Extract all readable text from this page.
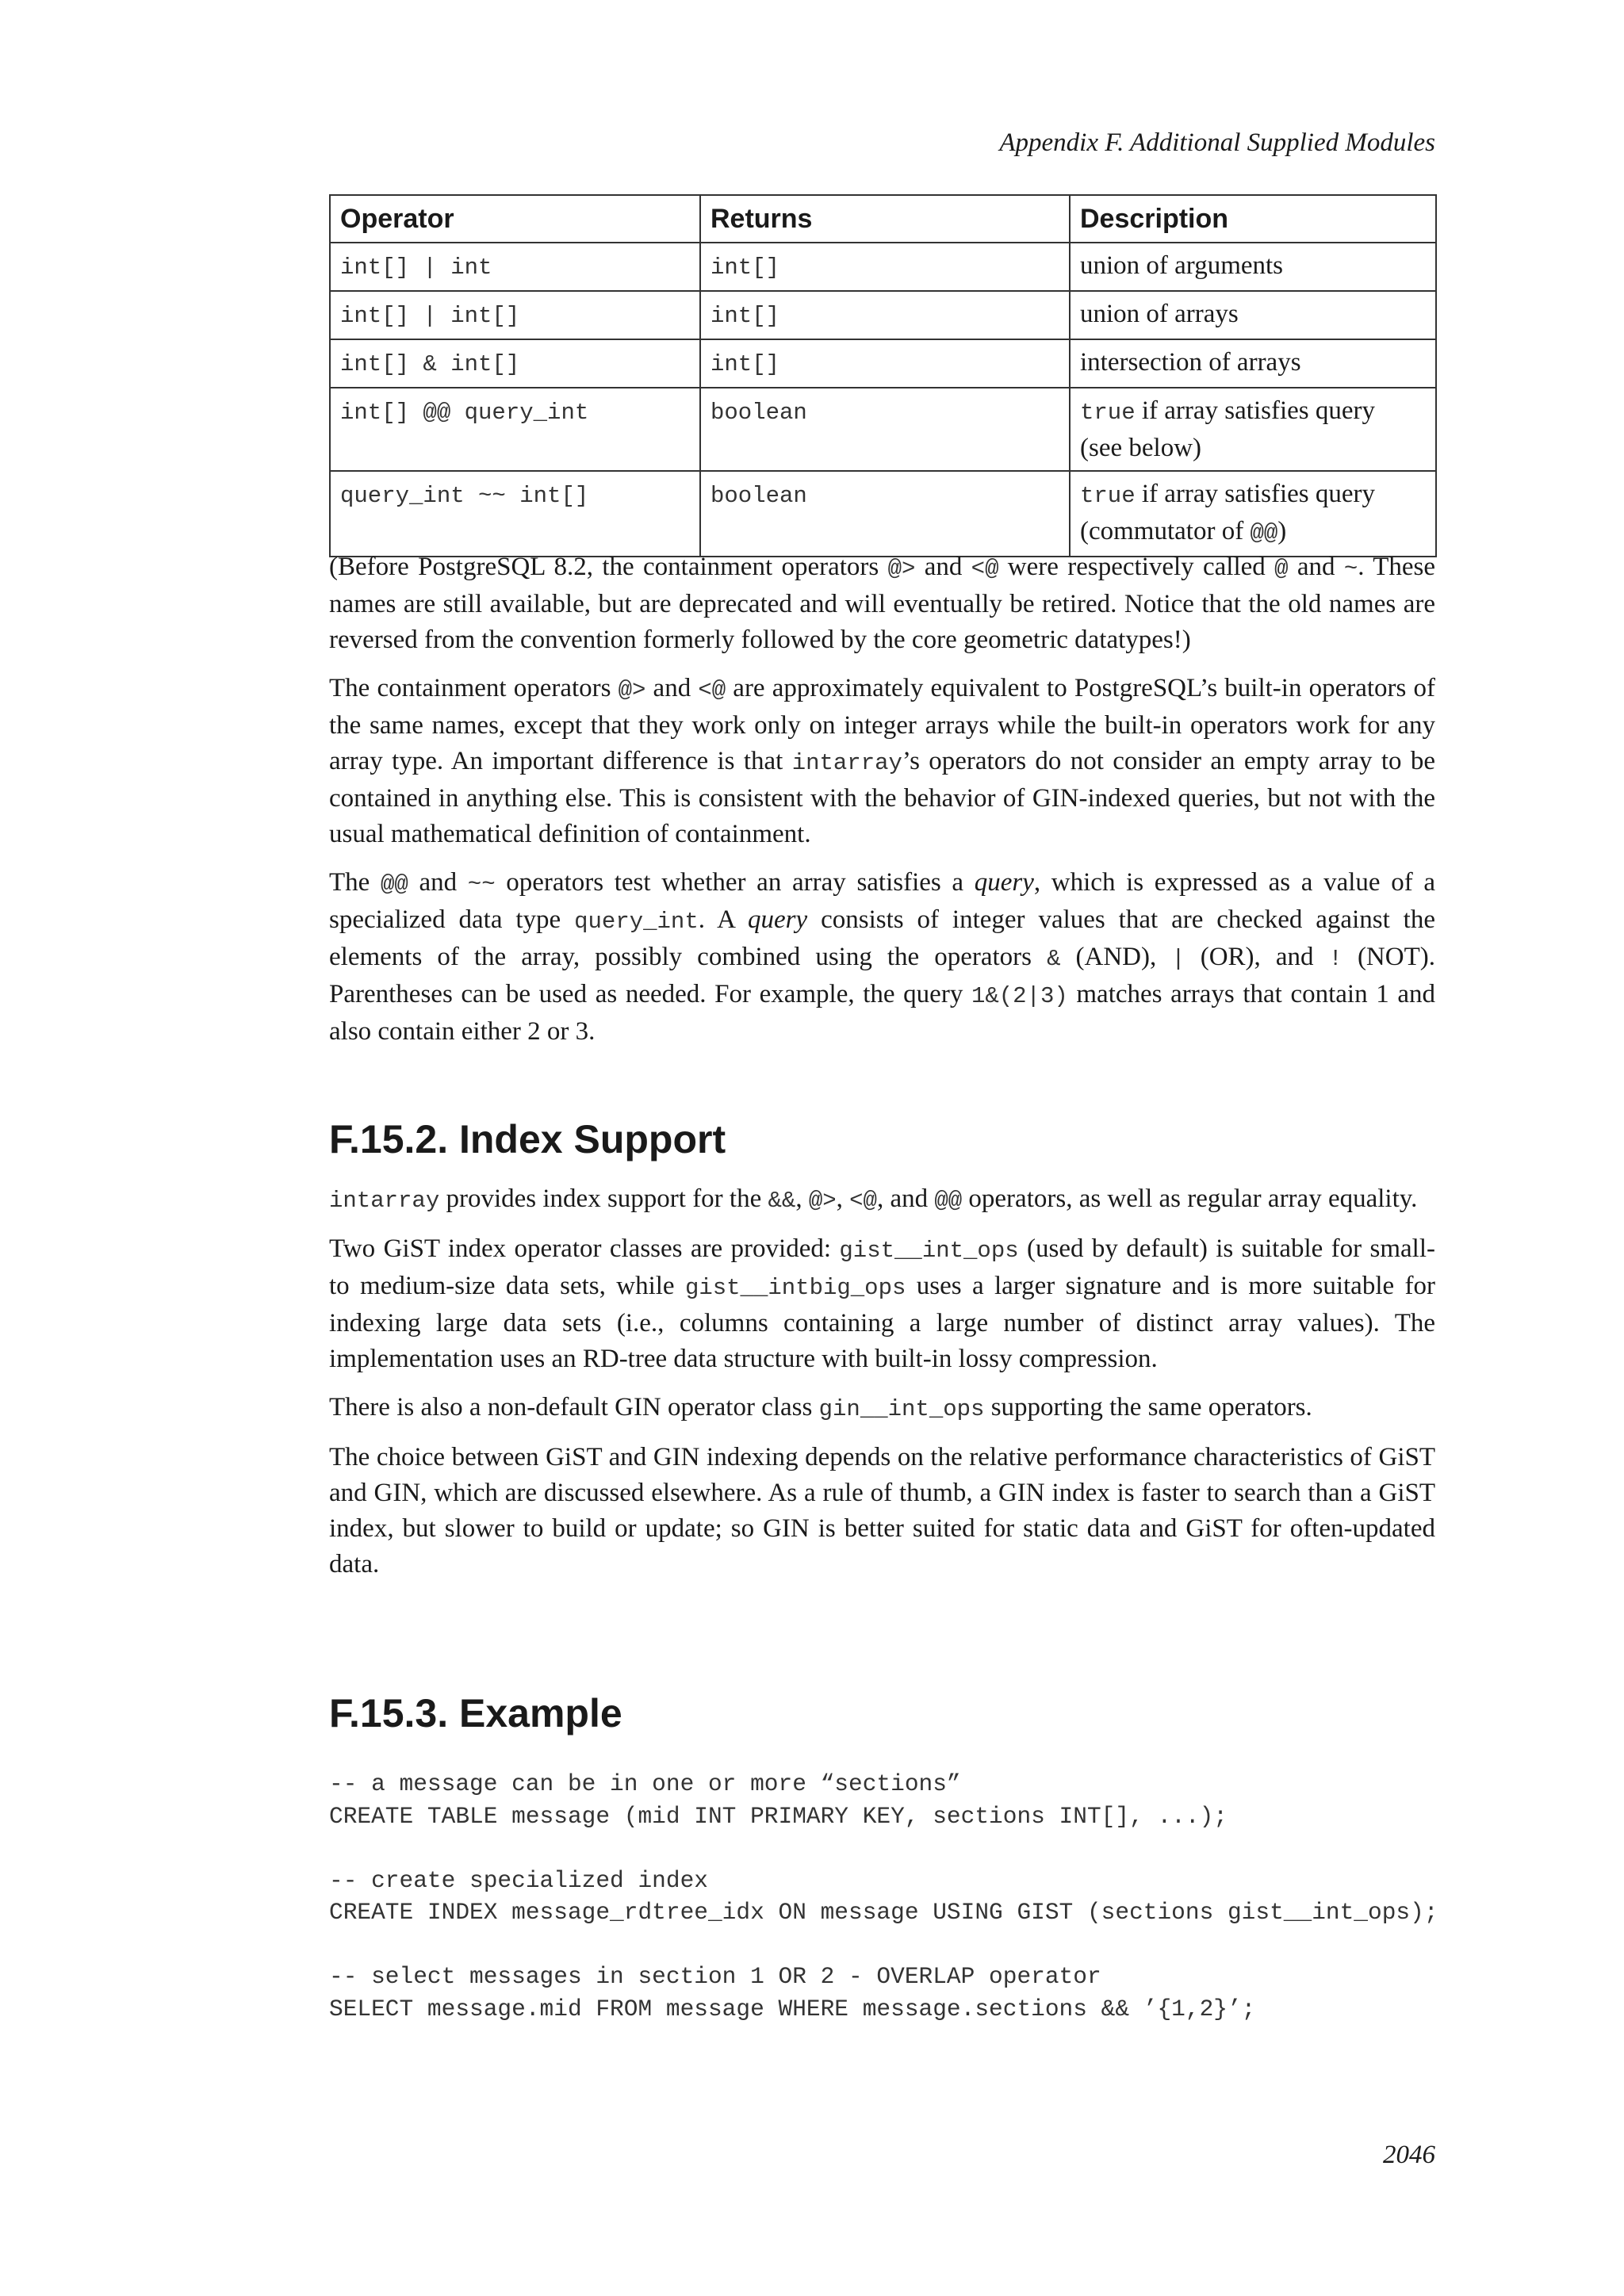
Appendix F. Additional Supplied Modules
Operator	Returns	Description
int[] | int	int[]	union of arguments
int[] | int[]	int[]	union of arrays
int[] & int[]	int[]	intersection of arrays
int[] @@ query_int	boolean	true if array satisfies query
(see below)
query_int ~~ int[]	boolean	true if array satisfies query
(commutator of @@)

(Before PostgreSQL 8.2, the containment operators @> and <@ were respectively called @ and ~. These names are still available, but are deprecated and will eventually be retired. Notice that the old names are reversed from the convention formerly followed by the core geometric datatypes!)

The containment operators @> and <@ are approximately equivalent to PostgreSQL’s built-in operators of the same names, except that they work only on integer arrays while the built-in operators work for any array type. An important difference is that intarray’s operators do not consider an empty array to be contained in anything else. This is consistent with the behavior of GIN-indexed queries, but not with the usual mathematical definition of containment.

The @@ and ~~ operators test whether an array satisfies a query, which is expressed as a value of a specialized data type query_int. A query consists of integer values that are checked against the elements of the array, possibly combined using the operators & (AND), | (OR), and ! (NOT). Parentheses can be used as needed. For example, the query 1&(2|3) matches arrays that contain 1 and also contain either 2 or 3.

F.15.2. Index Support

intarray provides index support for the &&, @>, <@, and @@ operators, as well as regular array equality.

Two GiST index operator classes are provided: gist__int_ops (used by default) is suitable for small- to medium-size data sets, while gist__intbig_ops uses a larger signature and is more suitable for indexing large data sets (i.e., columns containing a large number of distinct array values). The implementation uses an RD-tree data structure with built-in lossy compression.

There is also a non-default GIN operator class gin__int_ops supporting the same operators.

The choice between GiST and GIN indexing depends on the relative performance characteristics of GiST and GIN, which are discussed elsewhere. As a rule of thumb, a GIN index is faster to search than a GiST index, but slower to build or update; so GIN is better suited for static data and GiST for often-updated data.

F.15.3. Example
-- a message can be in one or more “sections”
CREATE TABLE message (mid INT PRIMARY KEY, sections INT[], ...);

-- create specialized index
CREATE INDEX message_rdtree_idx ON message USING GIST (sections gist__int_ops);

-- select messages in section 1 OR 2 - OVERLAP operator
SELECT message.mid FROM message WHERE message.sections && ’{1,2}’;
2046
